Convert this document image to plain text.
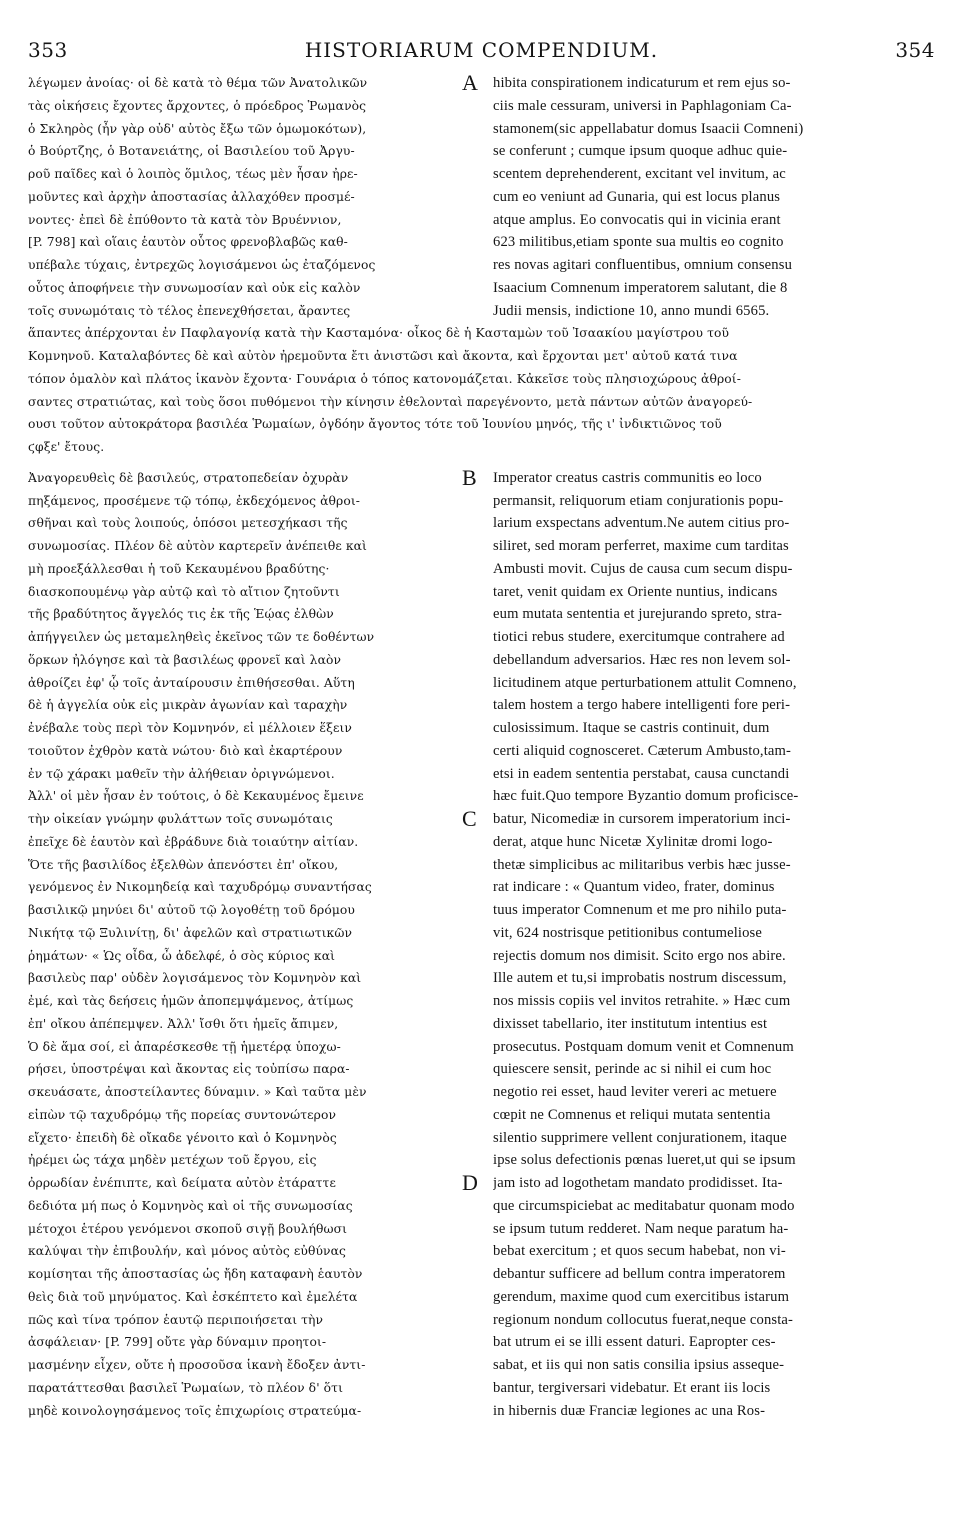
HISTORIARUM COMPENDIUM.
353	354
λέγωμεν ἀνοίας· οἱ δὲ κατὰ τὸ θέμα τῶν Ἀνατολικῶν
τὰς οἰκήσεις ἔχοντες ἄρχοντες, ὁ πρόεδρος Ῥωμανὸς
ὁ Σκληρὸς (ἦν γὰρ οὐδ' αὐτὸς ἔξω τῶν ὁμωμοκότων),
ὁ Βούρτζης, ὁ Βοτανειάτης, οἱ Βασιλείου τοῦ Ἀργυ-
ροῦ παῖδες καὶ ὁ λοιπὸς ὅμιλος, τέως μὲν ἦσαν ἠρε-
μοῦντες καὶ ἀρχὴν ἀποστασίας ἀλλαχόθεν προσμέ-
νοντες· ἐπεὶ δὲ ἐπύθοντο τὰ κατὰ τὸν Βρυέννιον,
[P. 798] καὶ οἵαις ἑαυτὸν οὗτος φρενοβλαβῶς καθ-
υπέβαλε τύχαις, ἐντρεχῶς λογισάμενοι ὡς ἐταζόμενος
οὗτος ἀποφήνειε τὴν συνωμοσίαν καὶ οὐκ εἰς καλὸν
τοῖς συνωμόταις τὸ τέλος ἐπενεχθήσεται, ἄραντες
hibita conspirationem indicaturum et rem ejus so-
ciis male cessuram, universi in Paphlagoniam Ca-
stamonem(sic appellabatur domus Isaacii Comneni)
se conferunt ; cumque ipsum quoque adhuc quie-
scentem deprehenderent, excitant vel invitum, ac
cum eo veniunt ad Gunaria, qui est locus planus
atque amplus. Eo convocatis qui in vicinia erant
623 militibus,etiam sponte sua multis eo cognito
res novas agitari confluentibus, omnium consensu
Isaacium Comnenum imperatorem salutant, die 8
Judii mensis, indictione 10, anno mundi 6565.
ἅπαντες ἀπέρχονται ἐν Παφλαγονίᾳ κατὰ τὴν Κασταμόνα· οἶκος δὲ ἡ Κασταμὼν τοῦ Ἰσαακίου μαγίστρου τοῦ
Κομνηνοῦ. Καταλαβόντες δὲ καὶ αὐτὸν ἠρεμοῦντα ἔτι ἀνιστῶσι καὶ ἄκοντα, καὶ ἔρχονται μετ' αὐτοῦ κατά τινα
τόπον ὁμαλὸν καὶ πλάτος ἱκανὸν ἔχοντα· Γουνάρια ὁ τόπος κατονομάζεται. Κἀκεῖσε τοὺς πλησιοχώρους ἀθροί-
σαντες στρατιώτας, καὶ τοὺς ὅσοι πυθόμενοι τὴν κίνησιν ἐθελονταὶ παρεγένοντο, μετὰ πάντων αὐτῶν ἀναγορεύ-
ουσι τοῦτον αὐτοκράτορα βασιλέα Ῥωμαίων, ὀγδόην ἄγοντος τότε τοῦ Ἰουνίου μηνός, τῆς ι' ἰνδικτιῶνος τοῦ
ϛφξε' ἔτους.
Ἀναγορευθεὶς δὲ βασιλεύς, στρατοπεδείαν ὀχυρὰν
πηξάμενος, προσέμενε τῷ τόπῳ, ἐκδεχόμενος ἀθροι-
σθῆναι καὶ τοὺς λοιπούς, ὁπόσοι μετεσχήκασι τῆς
συνωμοσίας. Πλέον δὲ αὐτὸν καρτερεῖν ἀνέπειθε καὶ
μὴ προεξάλλεσθαι ἡ τοῦ Κεκαυμένου βραδύτης·
διασκοπουμένῳ γὰρ αὐτῷ καὶ τὸ αἴτιον ζητοῦντι
τῆς βραδύτητος ἄγγελός τις ἐκ τῆς Ἑῴας ἐλθὼν
ἀπήγγειλεν ὡς μεταμεληθεὶς ἐκεῖνος τῶν τε δοθέντων
ὅρκων ἠλόγησε καὶ τὰ βασιλέως φρονεῖ καὶ λαὸν
ἀθροίζει ἐφ' ᾧ τοῖς ἀνταίρουσιν ἐπιθήσεσθαι. Αὕτη
δὲ ἡ ἀγγελία οὐκ εἰς μικρὰν ἀγωνίαν καὶ ταραχὴν
ἐνέβαλε τοὺς περὶ τὸν Κομνηνόν, εἰ μέλλοιεν ἕξειν
τοιοῦτον ἐχθρὸν κατὰ νώτου· διὸ καὶ ἐκαρτέρουν
ἐν τῷ χάρακι μαθεῖν τὴν ἀλήθειαν ὀριγνώμενοι.
Ἀλλ' οἱ μὲν ἦσαν ἐν τούτοις, ὁ δὲ Κεκαυμένος ἔμεινε
τὴν οἰκείαν γνώμην φυλάττων τοῖς συνωμόταις
ἐπεῖχε δὲ ἑαυτὸν καὶ ἐβράδυνε διὰ τοιαύτην αἰτίαν.
Ὅτε τῆς βασιλίδος ἐξελθὼν ἀπενόστει ἐπ' οἴκου,
γενόμενος ἐν Νικομηδείᾳ καὶ ταχυδρόμῳ συναντήσας
βασιλικῷ μηνύει δι' αὐτοῦ τῷ λογοθέτῃ τοῦ δρόμου
Νικήτᾳ τῷ Ξυλινίτῃ, δι' ἀφελῶν καὶ στρατιωτικῶν
ῥημάτων· « Ὡς οἶδα, ὦ ἀδελφέ, ὁ σὸς κύριος καὶ
βασιλεὺς παρ' οὐδὲν λογισάμενος τὸν Κομνηνὸν καὶ
ἐμέ, καὶ τὰς δεήσεις ἡμῶν ἀποπεμψάμενος, ἀτίμως
ἐπ' οἴκου ἀπέπεμψεν. Ἀλλ' ἴσθι ὅτι ἡμεῖς ἄπιμεν,
Ὁ δὲ ἅμα σοί, εἰ ἀπαρέσκεσθε τῇ ἡμετέρᾳ ὑποχω-
ρήσει, ὑποστρέψαι καὶ ἄκοντας εἰς τοὐπίσω παρα-
σκευάσατε, ἀποστείλαντες δύναμιν. » Καὶ ταῦτα μὲν
εἰπὼν τῷ ταχυδρόμῳ τῆς πορείας συντονώτερον
εἴχετο· ἐπειδὴ δὲ οἴκαδε γένοιτο καὶ ὁ Κομνηνὸς
ἠρέμει ὡς τάχα μηδὲν μετέχων τοῦ ἔργου, εἰς
ὀρρωδίαν ἐνέπιπτε, καὶ δείματα αὐτὸν ἐτάραττε
δεδιότα μή πως ὁ Κομνηνὸς καὶ οἱ τῆς συνωμοσίας
μέτοχοι ἑτέρου γενόμενοι σκοποῦ σιγῇ βουλήθωσι
καλύψαι τὴν ἐπιβουλήν, καὶ μόνος αὐτὸς εὐθύνας
κομίσηται τῆς ἀποστασίας ὡς ἤδη καταφανὴ ἑαυτὸν
θεὶς διὰ τοῦ μηνύματος. Καὶ ἐσκέπτετο καὶ ἐμελέτα
πῶς καὶ τίνα τρόπον ἑαυτῷ περιποιήσεται τὴν
ἀσφάλειαν· [P. 799] οὔτε γὰρ δύναμιν προητοι-
μασμένην εἶχεν, οὔτε ἡ προσοῦσα ἱκανὴ ἔδοξεν ἀντι-
παρατάττεσθαι βασιλεῖ Ῥωμαίων, τὸ πλέον δ' ὅτι
μηδὲ κοινολογησάμενος τοῖς ἐπιχωρίοις στρατεύμα-
Imperator creatus castris communitis eo loco
permansit, reliquorum etiam conjurationis popu-
larium exspectans adventum.Ne autem citius pro-
siliret, sed moram perferret, maxime cum tarditas
Ambusti movit. Cujus de causa cum secum dispu-
taret, venit quidam ex Oriente nuntius, indicans
eum mutata sententia et jurejurando spreto, stra-
tiotici rebus studere, exercitumque contrahere ad
debellandum adversarios. Hæc res non levem sol-
licitudinem atque perturbationem attulit Comneno,
talem hostem a tergo habere intelligenti fore peri-
culosissimum. Itaque se castris continuit, dum
certi aliquid cognosceret. Cæterum Ambusto,tam-
etsi in eadem sententia perstabat, causa cunctandi
hæc fuit.Quo tempore Byzantio domum proficisce-
batur, Nicomediæ in cursorem imperatorium inci-
derat, atque hunc Nicetæ Xylinitæ dromi logo-
thetæ simplicibus ac militaribus verbis hæc jusse-
rat indicare : « Quantum video, frater, dominus
tuus imperator Comnenum et me pro nihilo puta-
vit, 624 nostrisque petitionibus contumeliose
rejectis domum nos dimisit. Scito ergo nos abire.
Ille autem et tu,si improbatis nostrum discessum,
nos missis copiis vel invitos retrahite. » Hæc cum
dixisset tabellario, iter institutum intentius est
prosecutus. Postquam domum venit et Comnenum
quiescere sensit, perinde ac si nihil ei cum hoc
negotio rei esset, haud leviter vereri ac metuere
cœpit ne Comnenus et reliqui mutata sententia
silentio supprimere vellent conjurationem, itaque
ipse solus defectionis pœnas lueret,ut qui se ipsum
jam isto ad logothetam mandato prodidisset. Ita-
que circumspiciebat ac meditabatur quonam modo
se ipsum tutum redderet. Nam neque paratum ha-
bebat exercitum ; et quos secum habebat, non vi-
debantur sufficere ad bellum contra imperatorem
gerendum, maxime quod cum exercitibus istarum
regionum nondum collocutus fuerat,neque consta-
bat utrum ei se illi essent daturi. Eapropter ces-
sabat, et iis qui non satis consilia ipsius asseque-
bantur, tergiversari videbatur. Et erant iis locis
in hibernis duæ Franciæ legiones ac una Ros-
A
B
C
D
